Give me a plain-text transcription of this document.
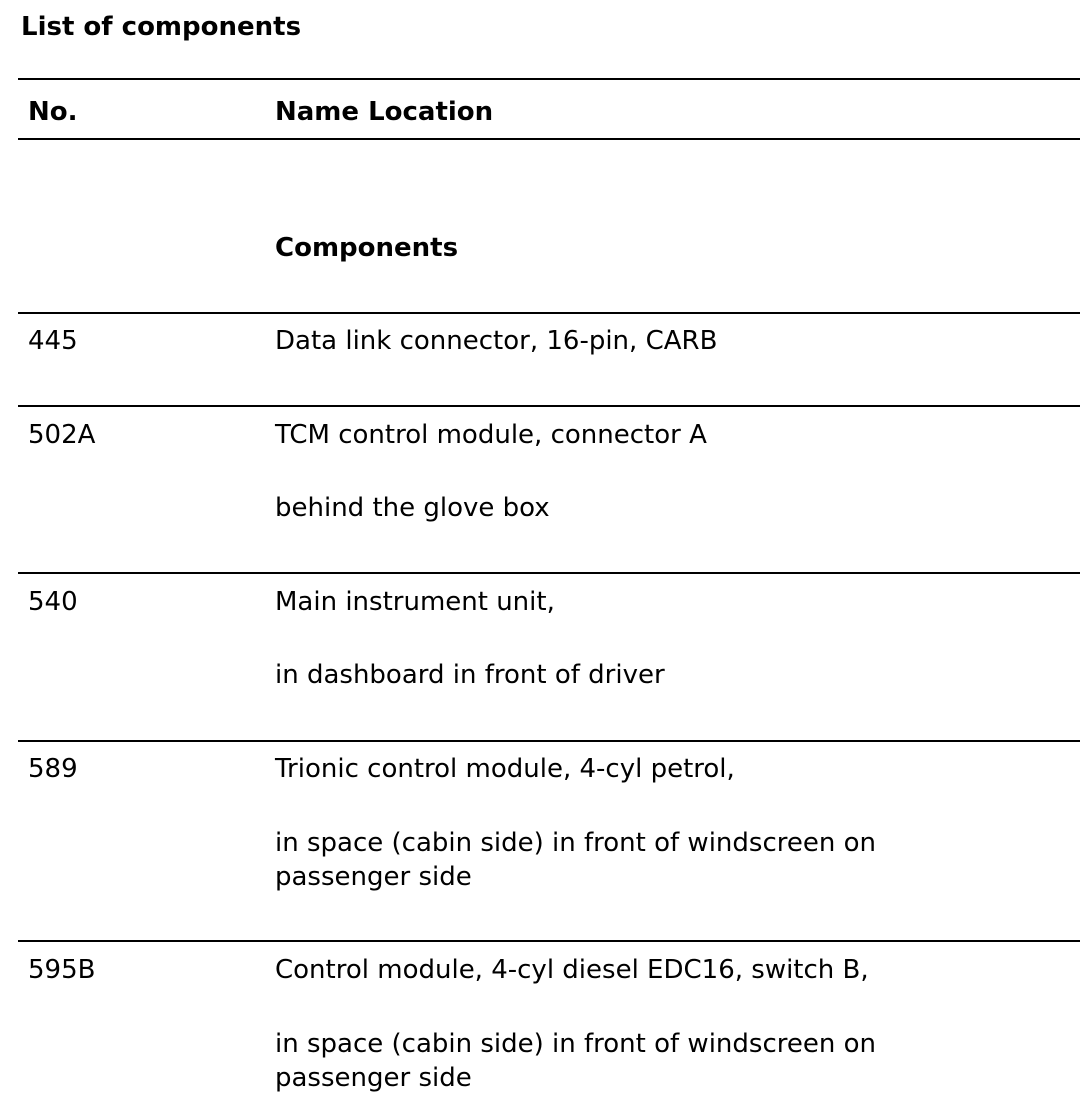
List of components
No.	Name Location
Components
445	Data link connector, 16-pin, CARB
502A	TCM control module, connector A
behind the glove box
540	Main instrument unit,
in dashboard in front of driver
589	Trionic control module, 4-cyl petrol,
in space (cabin side) in front of windscreen on
passenger side
595B	Control module, 4-cyl diesel EDC16, switch B,
in space (cabin side) in front of windscreen on
passenger side
